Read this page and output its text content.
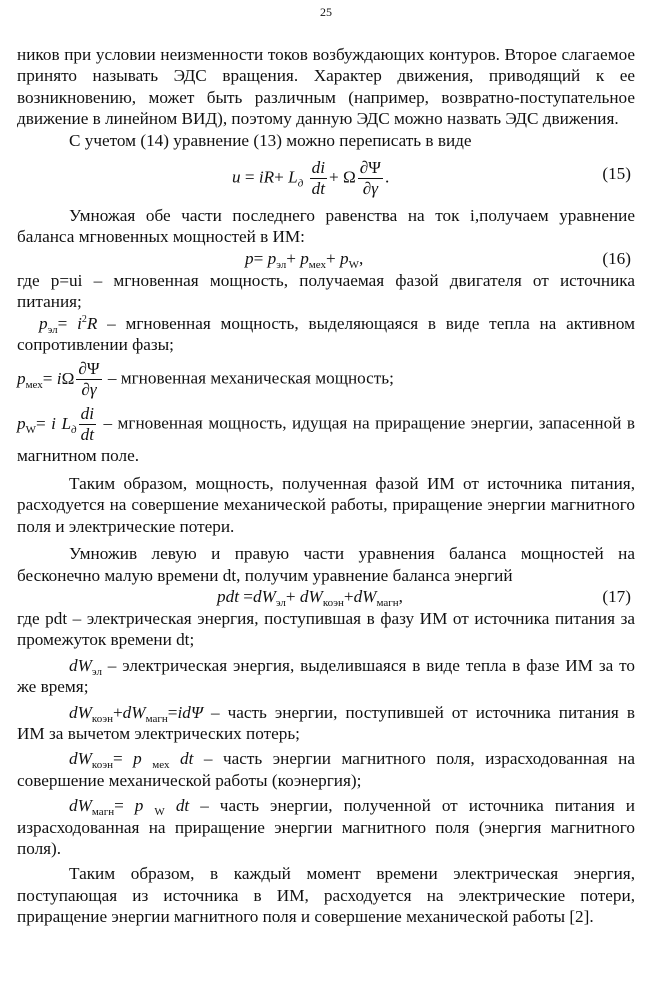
25

ников при условии неизменности токов возбуждающих контуров. Второе слагаемое принято называть ЭДС вращения. Характер движения, приводящий к ее возникновению, может быть различным (например, возвратно-поступательное движение в линейном ВИД), поэтому данную ЭДС можно назвать ЭДС движения.

С учетом (14) уравнение (13) можно переписать в виде

$u = iR+ L_д \frac{di}{dt} + \Omega \frac{\partial\Psi}{\partial\gamma}$ .	(15)

Умножая обе части последнего равенства на ток i,получаем уравнение баланса мгновенных мощностей в ИМ:

$p= p_{эл}+ p_{мех}+ p_W$,	(16)

где p=ui – мгновенная мощность, получаемая фазой двигателя от источника питания;

$p_{эл}= i^2R$ – мгновенная мощность, выделяющаяся в виде тепла на активном сопротивлении фазы;

$p_{мех}= i\Omega \frac{\partial\Psi}{\partial\gamma}$ – мгновенная механическая мощность;

$p_W= i$ $L_д \frac{di}{dt}$ – мгновенная мощность, идущая на приращение энергии, запасенной в магнитном поле.

Таким образом, мощность, полученная фазой ИМ от источника питания, расходуется на совершение механической работы, приращение энергии магнитного поля и электрические потери.

Умножив левую и правую части уравнения баланса мощностей на бесконечно малую времени dt, получим уравнение баланса энергий

pdt $=dW_{эл}+ dW_{коэн}+dW_{магн}$,	(17)

где pdt – электрическая энергия, поступившая в фазу ИМ от источника питания за промежуток времени dt;

$dW_{эл}$ – электрическая энергия, выделившаяся в виде тепла в фазе ИМ за то же время;

$dW_{коэн}+dW_{магн}=id\Psi$ – часть энергии, поступившей от источника питания в ИМ за вычетом электрических потерь;

$dW_{коэн}= p$ $_{мех}$ dt – часть энергии магнитного поля, израсходованная на совершение механической работы (коэнергия);

$dW_{магн}= p$ $_W$ dt – часть энергии, полученной от источника питания и израсходованная на приращение энергии магнитного поля (энергия магнитного поля).

Таким образом, в каждый момент времени электрическая энергия, поступающая из источника в ИМ, расходуется на электрические потери, приращение энергии магнитного поля и совершение механической работы [2].
